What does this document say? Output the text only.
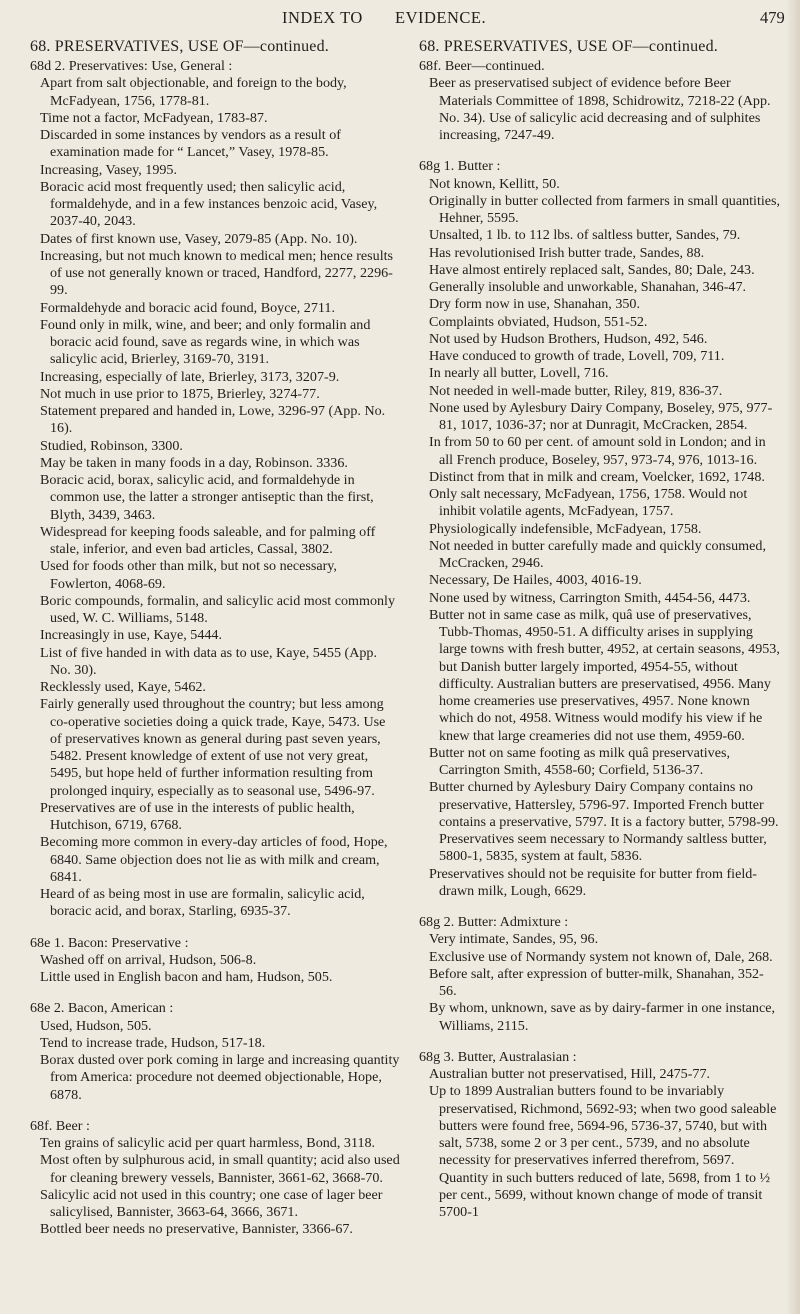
INDEX TO EVIDENCE.	479
68. PRESERVATIVES, USE OF—continued.
68d 2. Preservatives: Use, General :
Apart from salt objectionable, and foreign to the body, McFadyean, 1756, 1778-81.
Time not a factor, McFadyean, 1783-87.
Discarded in some instances by vendors as a result of examination made for “ Lancet,” Vasey, 1978-85.
Increasing, Vasey, 1995.
Boracic acid most frequently used; then salicylic acid, formaldehyde, and in a few instances benzoic acid, Vasey, 2037-40, 2043.
Dates of first known use, Vasey, 2079-85 (App. No. 10).
Increasing, but not much known to medical men; hence results of use not generally known or traced, Handford, 2277, 2296-99.
Formaldehyde and boracic acid found, Boyce, 2711.
Found only in milk, wine, and beer; and only formalin and boracic acid found, save as regards wine, in which was salicylic acid, Brierley, 3169-70, 3191.
Increasing, especially of late, Brierley, 3173, 3207-9.
Not much in use prior to 1875, Brierley, 3274-77.
Statement prepared and handed in, Lowe, 3296-97 (App. No. 16).
Studied, Robinson, 3300.
May be taken in many foods in a day, Robinson. 3336.
Boracic acid, borax, salicylic acid, and formaldehyde in common use, the latter a stronger antiseptic than the first, Blyth, 3439, 3463.
Widespread for keeping foods saleable, and for palming off stale, inferior, and even bad articles, Cassal, 3802.
Used for foods other than milk, but not so necessary, Fowlerton, 4068-69.
Boric compounds, formalin, and salicylic acid most commonly used, W. C. Williams, 5148.
Increasingly in use, Kaye, 5444.
List of five handed in with data as to use, Kaye, 5455 (App. No. 30).
Recklessly used, Kaye, 5462.
Fairly generally used throughout the country; but less among co-operative societies doing a quick trade, Kaye, 5473. Use of preservatives known as general during past seven years, 5482. Present knowledge of extent of use not very great, 5495, but hope held of further information resulting from prolonged inquiry, especially as to seasonal use, 5496-97.
Preservatives are of use in the interests of public health, Hutchison, 6719, 6768.
Becoming more common in every-day articles of food, Hope, 6840. Same objection does not lie as with milk and cream, 6841.
Heard of as being most in use are formalin, salicylic acid, boracic acid, and borax, Starling, 6935-37.
68e 1. Bacon: Preservative :
Washed off on arrival, Hudson, 506-8.
Little used in English bacon and ham, Hudson, 505.
68e 2. Bacon, American :
Used, Hudson, 505.
Tend to increase trade, Hudson, 517-18.
Borax dusted over pork coming in large and increasing quantity from America: procedure not deemed objectionable, Hope, 6878.
68f. Beer :
Ten grains of salicylic acid per quart harmless, Bond, 3118.
Most often by sulphurous acid, in small quantity; acid also used for cleaning brewery vessels, Bannister, 3661-62, 3668-70.
Salicylic acid not used in this country; one case of lager beer salicylised, Bannister, 3663-64, 3666, 3671.
Bottled beer needs no preservative, Bannister, 3366-67.
68. PRESERVATIVES, USE OF—continued.
68f. Beer—continued.
Beer as preservatised subject of evidence before Beer Materials Committee of 1898, Schidrowitz, 7218-22 (App. No. 34). Use of salicylic acid decreasing and of sulphites increasing, 7247-49.
68g 1. Butter :
Not known, Kellitt, 50.
Originally in butter collected from farmers in small quantities, Hehner, 5595.
Unsalted, 1 lb. to 112 lbs. of saltless butter, Sandes, 79.
Has revolutionised Irish butter trade, Sandes, 88.
Have almost entirely replaced salt, Sandes, 80; Dale, 243.
Generally insoluble and unworkable, Shanahan, 346-47.
Dry form now in use, Shanahan, 350.
Complaints obviated, Hudson, 551-52.
Not used by Hudson Brothers, Hudson, 492, 546.
Have conduced to growth of trade, Lovell, 709, 711.
In nearly all butter, Lovell, 716.
Not needed in well-made butter, Riley, 819, 836-37.
None used by Aylesbury Dairy Company, Boseley, 975, 977-81, 1017, 1036-37; nor at Dunragit, McCracken, 2854.
In from 50 to 60 per cent. of amount sold in London; and in all French produce, Boseley, 957, 973-74, 976, 1013-16.
Distinct from that in milk and cream, Voelcker, 1692, 1748.
Only salt necessary, McFadyean, 1756, 1758. Would not inhibit volatile agents, McFadyean, 1757.
Physiologically indefensible, McFadyean, 1758.
Not needed in butter carefully made and quickly consumed, McCracken, 2946.
Necessary, De Hailes, 4003, 4016-19.
None used by witness, Carrington Smith, 4454-56, 4473.
Butter not in same case as milk, quâ use of preservatives, Tubb-Thomas, 4950-51. A difficulty arises in supplying large towns with fresh butter, 4952, at certain seasons, 4953, but Danish butter largely imported, 4954-55, without difficulty. Australian butters are preservatised, 4956. Many home creameries use preservatives, 4957. None known which do not, 4958. Witness would modify his view if he knew that large creameries did not use them, 4959-60.
Butter not on same footing as milk quâ preservatives, Carrington Smith, 4558-60; Corfield, 5136-37.
Butter churned by Aylesbury Dairy Company contains no preservative, Hattersley, 5796-97. Imported French butter contains a preservative, 5797. It is a factory butter, 5798-99. Preservatives seem necessary to Normandy saltless butter, 5800-1, 5835, system at fault, 5836.
Preservatives should not be requisite for butter from field-drawn milk, Lough, 6629.
68g 2. Butter: Admixture :
Very intimate, Sandes, 95, 96.
Exclusive use of Normandy system not known of, Dale, 268.
Before salt, after expression of butter-milk, Shanahan, 352-56.
By whom, unknown, save as by dairy-farmer in one instance, Williams, 2115.
68g 3. Butter, Australasian :
Australian butter not preservatised, Hill, 2475-77.
Up to 1899 Australian butters found to be invariably preservatised, Richmond, 5692-93; when two good saleable butters were found free, 5694-96, 5736-37, 5740, but with salt, 5738, some 2 or 3 per cent., 5739, and no absolute necessity for preservatives inferred therefrom, 5697. Quantity in such butters reduced of late, 5698, from 1 to ½ per cent., 5699, without known change of mode of transit 5700-1
